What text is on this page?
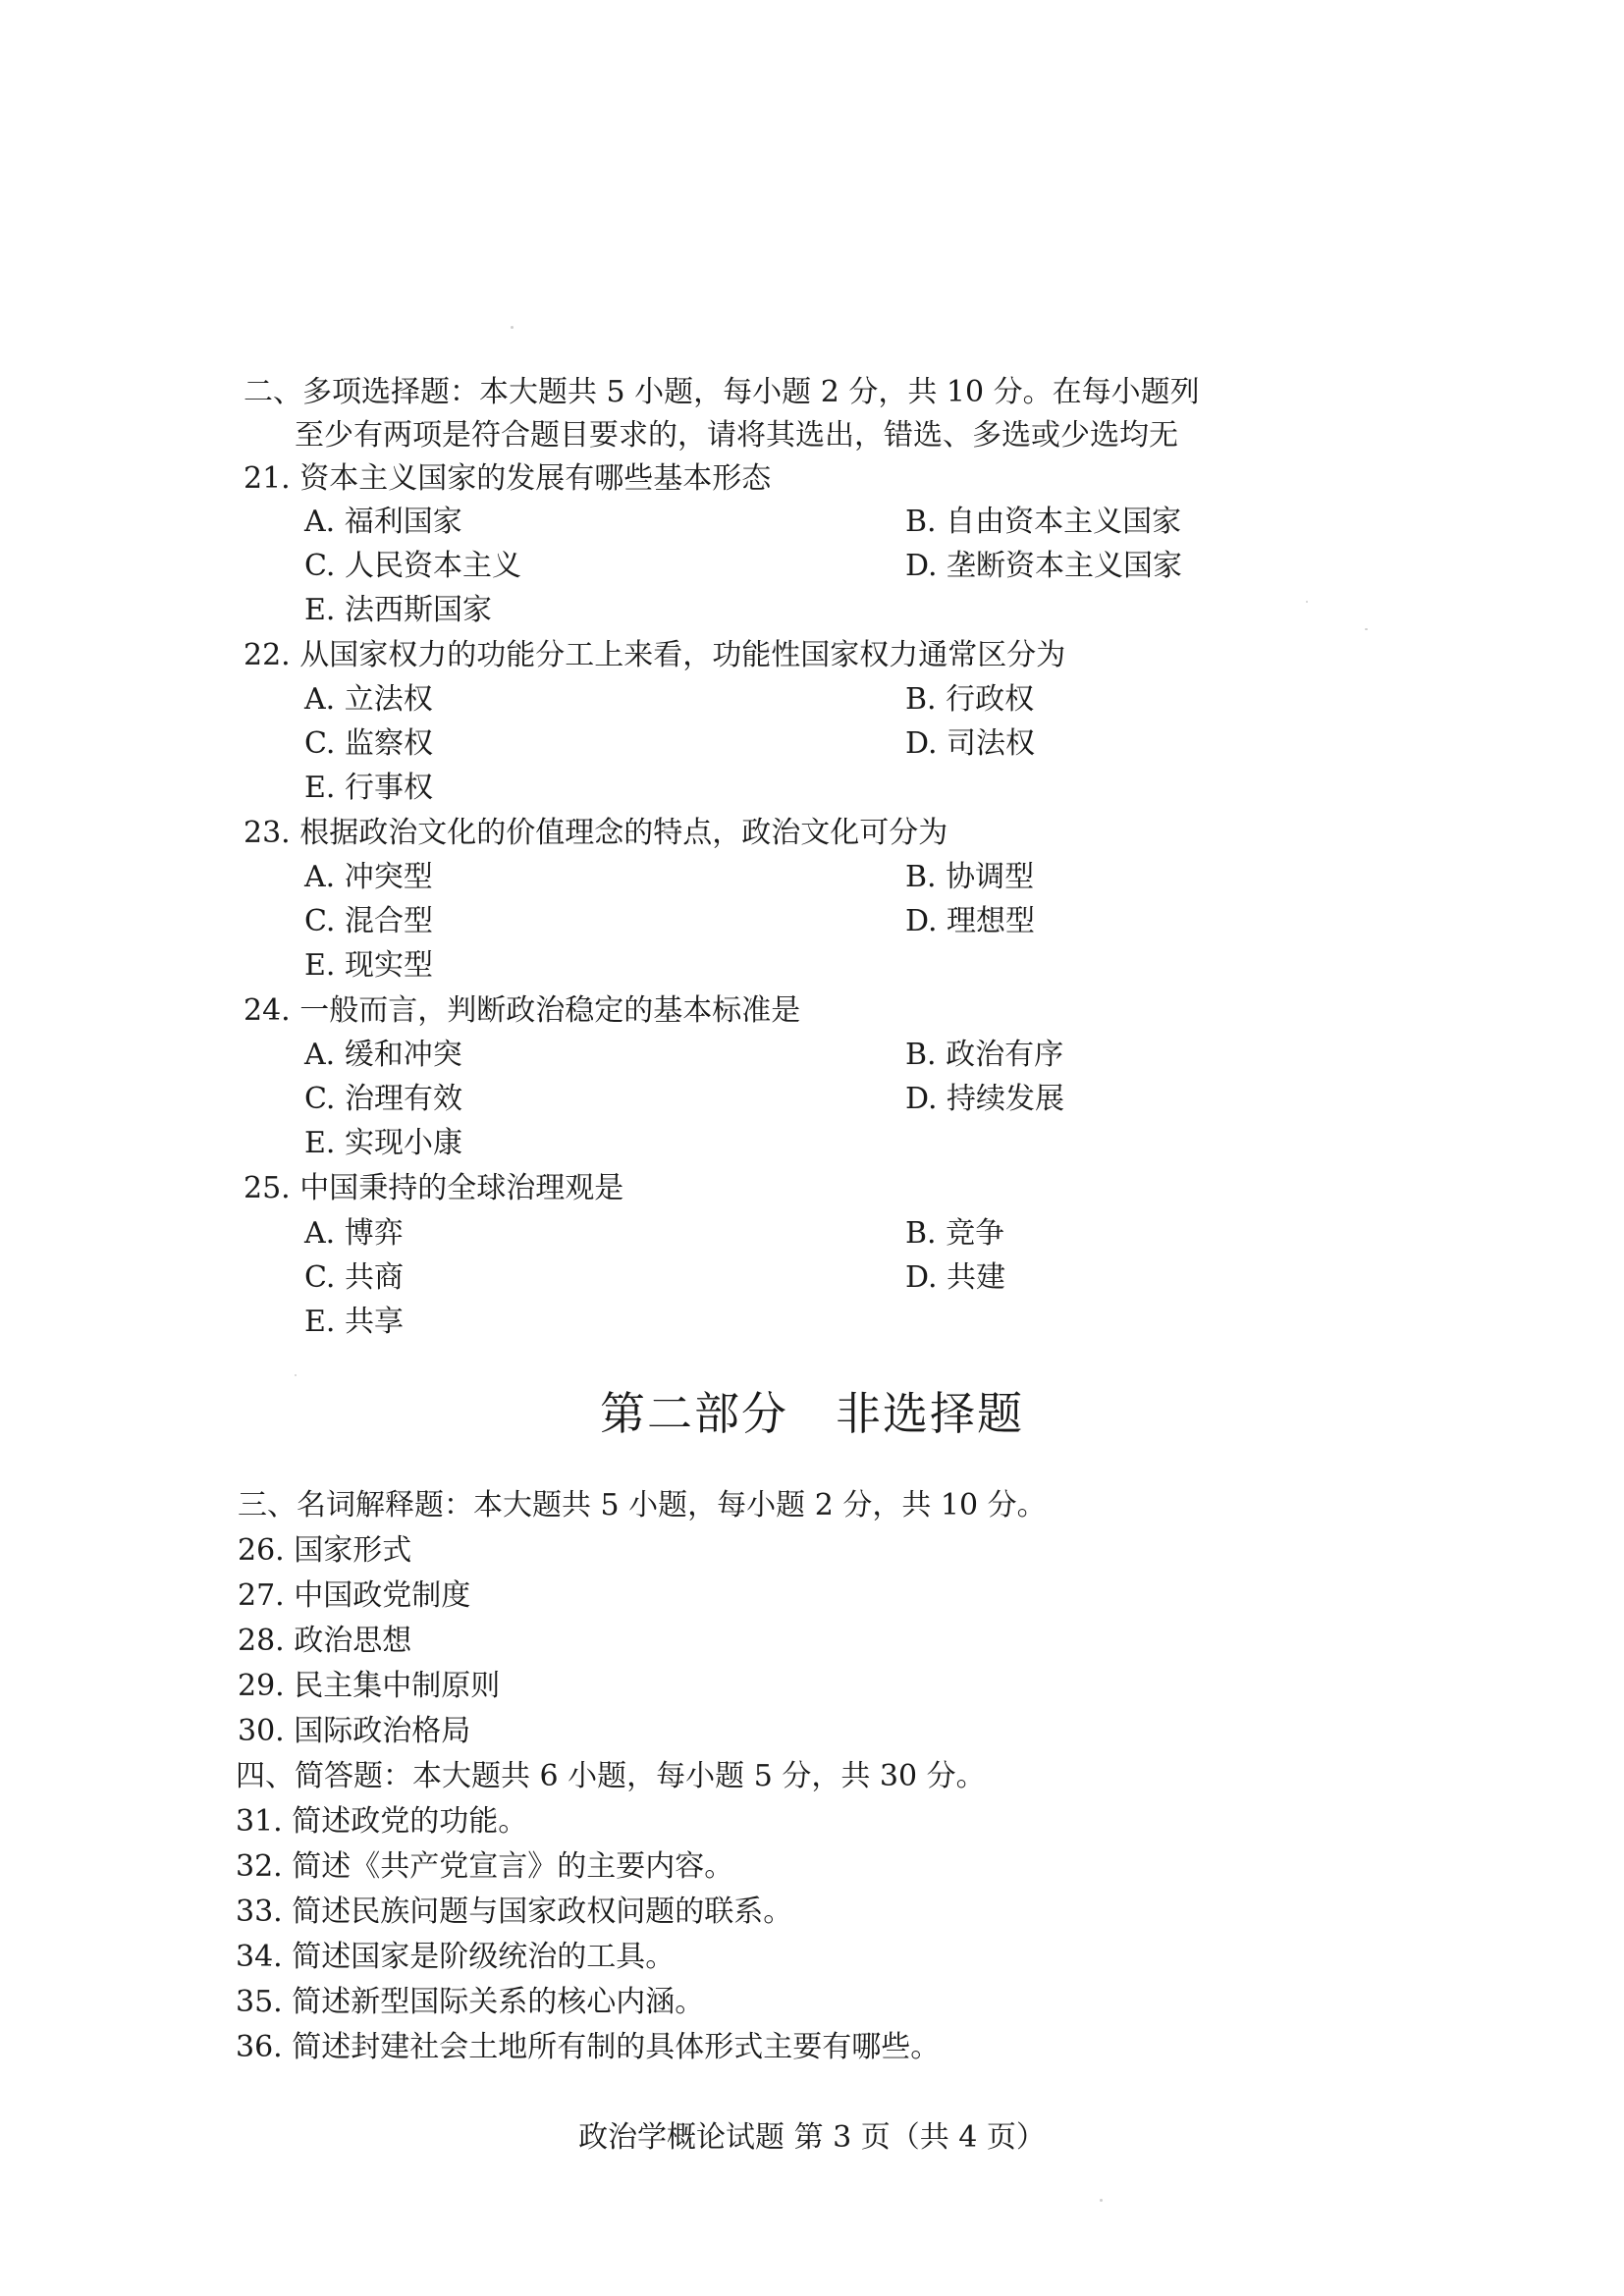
二、多项选择题：本大题共 5 小题，每小题 2 分，共 10 分。在每小题列
至少有两项是符合题目要求的，请将其选出，错选、多选或少选均无
21. 资本主义国家的发展有哪些基本形态
A. 福利国家	B. 自由资本主义国家
C. 人民资本主义	D. 垄断资本主义国家
E. 法西斯国家
22. 从国家权力的功能分工上来看，功能性国家权力通常区分为
A. 立法权	B. 行政权
C. 监察权	D. 司法权
E. 行事权
23. 根据政治文化的价值理念的特点，政治文化可分为
A. 冲突型	B. 协调型
C. 混合型	D. 理想型
E. 现实型
24. 一般而言，判断政治稳定的基本标准是
A. 缓和冲突	B. 政治有序
C. 治理有效	D. 持续发展
E. 实现小康
25. 中国秉持的全球治理观是
A. 博弈	B. 竞争
C. 共商	D. 共建
E. 共享
第二部分　非选择题
三、名词解释题：本大题共 5 小题，每小题 2 分，共 10 分。
26. 国家形式
27. 中国政党制度
28. 政治思想
29. 民主集中制原则
30. 国际政治格局
四、简答题：本大题共 6 小题，每小题 5 分，共 30 分。
31. 简述政党的功能。
32. 简述《共产党宣言》的主要内容。
33. 简述民族问题与国家政权问题的联系。
34. 简述国家是阶级统治的工具。
35. 简述新型国际关系的核心内涵。
36. 简述封建社会土地所有制的具体形式主要有哪些。
政治学概论试题 第 3 页（共 4 页）
